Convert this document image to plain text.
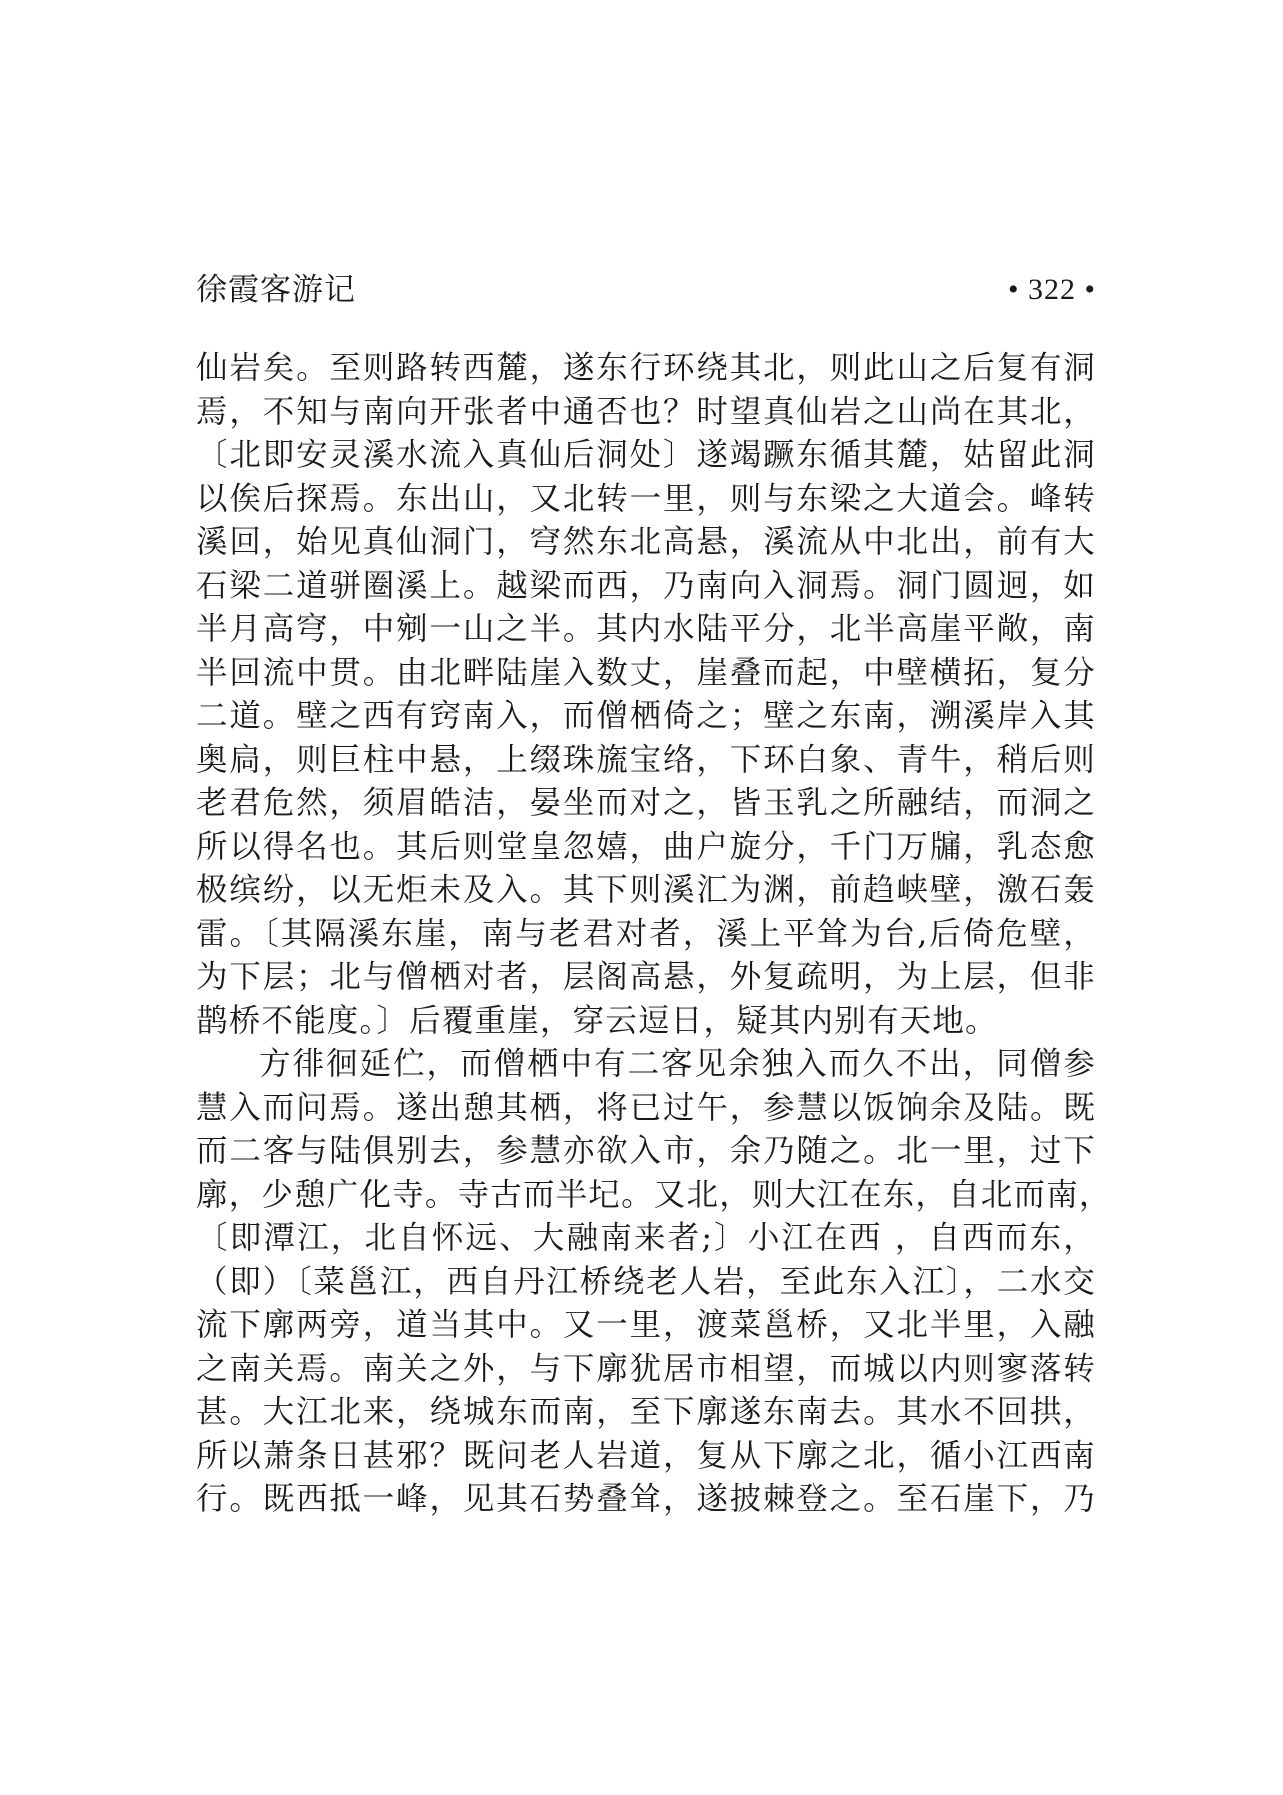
徐霞客游记	• 322 •
仙岩矣。至则路转西麓，遂东行环绕其北，则此山之后复有洞
焉，不知与南向开张者中通否也？时望真仙岩之山尚在其北，
〔北即安灵溪水流入真仙后洞处〕遂竭蹶东循其麓，姑留此洞
以俟后探焉。东出山，又北转一里，则与东梁之大道会。峰转
溪回，始见真仙洞门，穹然东北高悬，溪流从中北出，前有大
石梁二道骈圈溪上。越梁而西，乃南向入洞焉。洞门圆迥，如
半月高穹，中剜一山之半。其内水陆平分，北半高崖平敞，南
半回流中贯。由北畔陆崖入数丈，崖叠而起，中壁横拓，复分
二道。壁之西有窍南入，而僧栖倚之；壁之东南，溯溪岸入其
奥扃，则巨柱中悬，上缀珠旒宝络，下环白象、青牛，稍后则
老君危然，须眉皓洁，晏坐而对之，皆玉乳之所融结，而洞之
所以得名也。其后则堂皇忽嬉，曲户旋分，千门万牖，乳态愈
极缤纷，以无炬未及入。其下则溪汇为渊，前趋峡壁，激石轰
雷。〔其隔溪东崖，南与老君对者，溪上平耸为台,后倚危壁，
为下层；北与僧栖对者，层阁高悬，外复疏明，为上层，但非
鹊桥不能度。〕后覆重崖，穿云逗日，疑其内别有天地。
方徘徊延伫，而僧栖中有二客见余独入而久不出，同僧参
慧入而问焉。遂出憩其栖，将已过午，参慧以饭饷余及陆。既
而二客与陆俱别去，参慧亦欲入市，余乃随之。北一里，过下
廓，少憩广化寺。寺古而半圮。又北，则大江在东，自北而南，
〔即潭江，北自怀远、大融南来者;〕小江在西 ，自西而东，
（即）〔菜邕江，西自丹江桥绕老人岩，至此东入江〕，二水交
流下廓两旁，道当其中。又一里，渡菜邕桥，又北半里，入融
之南关焉。南关之外，与下廓犹居市相望，而城以内则寥落转
甚。大江北来，绕城东而南，至下廓遂东南去。其水不回拱，
所以萧条日甚邪？既问老人岩道，复从下廓之北，循小江西南
行。既西抵一峰，见其石势叠耸，遂披棘登之。至石崖下，乃
